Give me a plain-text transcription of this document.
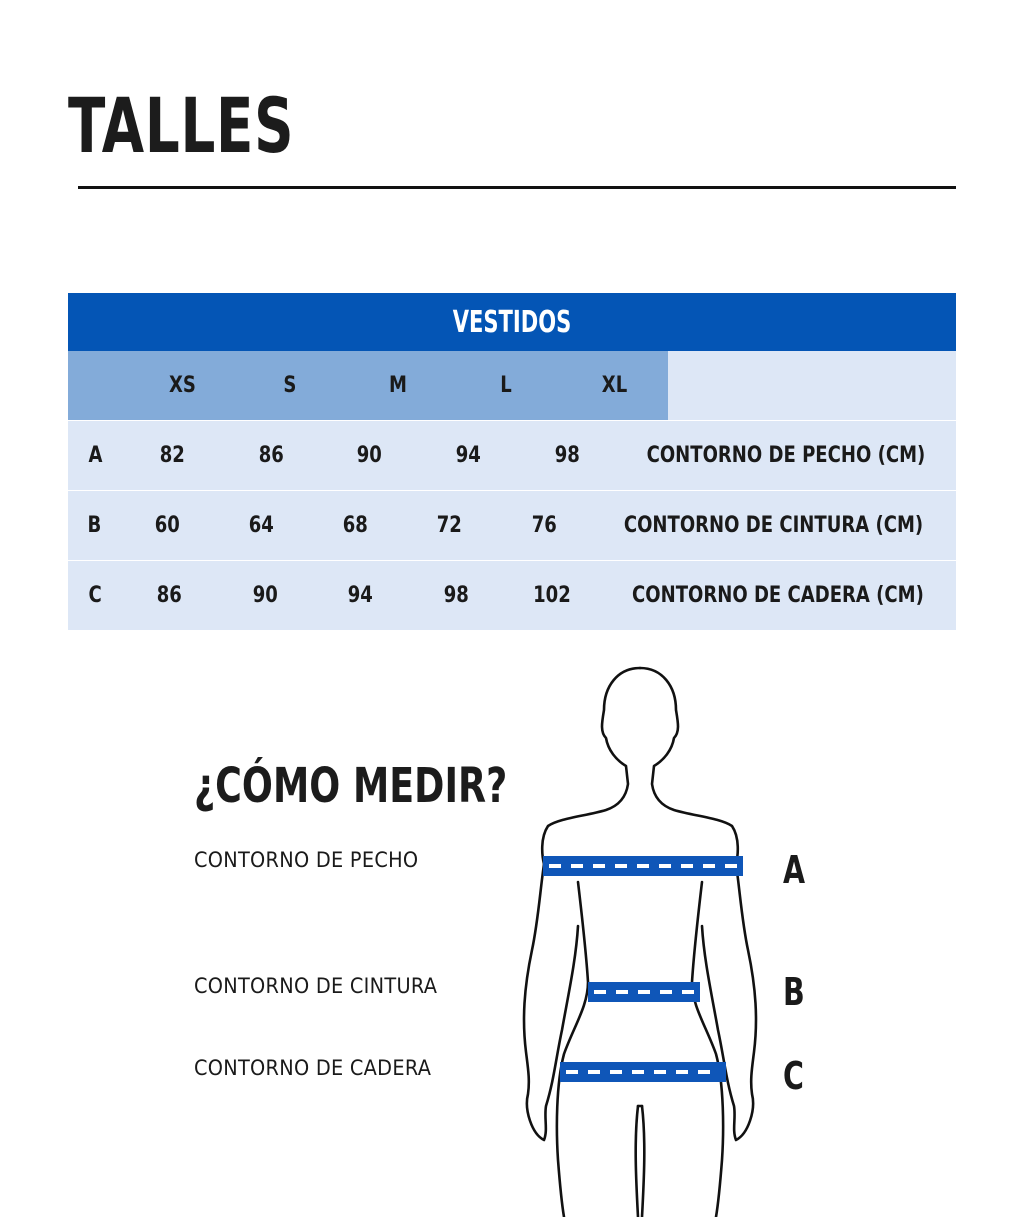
TALLES
VESTIDOS
XS	S	M	L	XL
A	82	86	90	94	98	CONTORNO DE PECHO (CM)
B 60	64	68	72	76	CONTORNO DE CINTURA (CM)
C	86	90	94	98	102	CONTORNO DE CADERA (CM)
¿CÓMO MEDIR?
CONTORNO DE PECHO
CONTORNO DE CINTURA
CONTORNO DE CADERA
A
B
C
